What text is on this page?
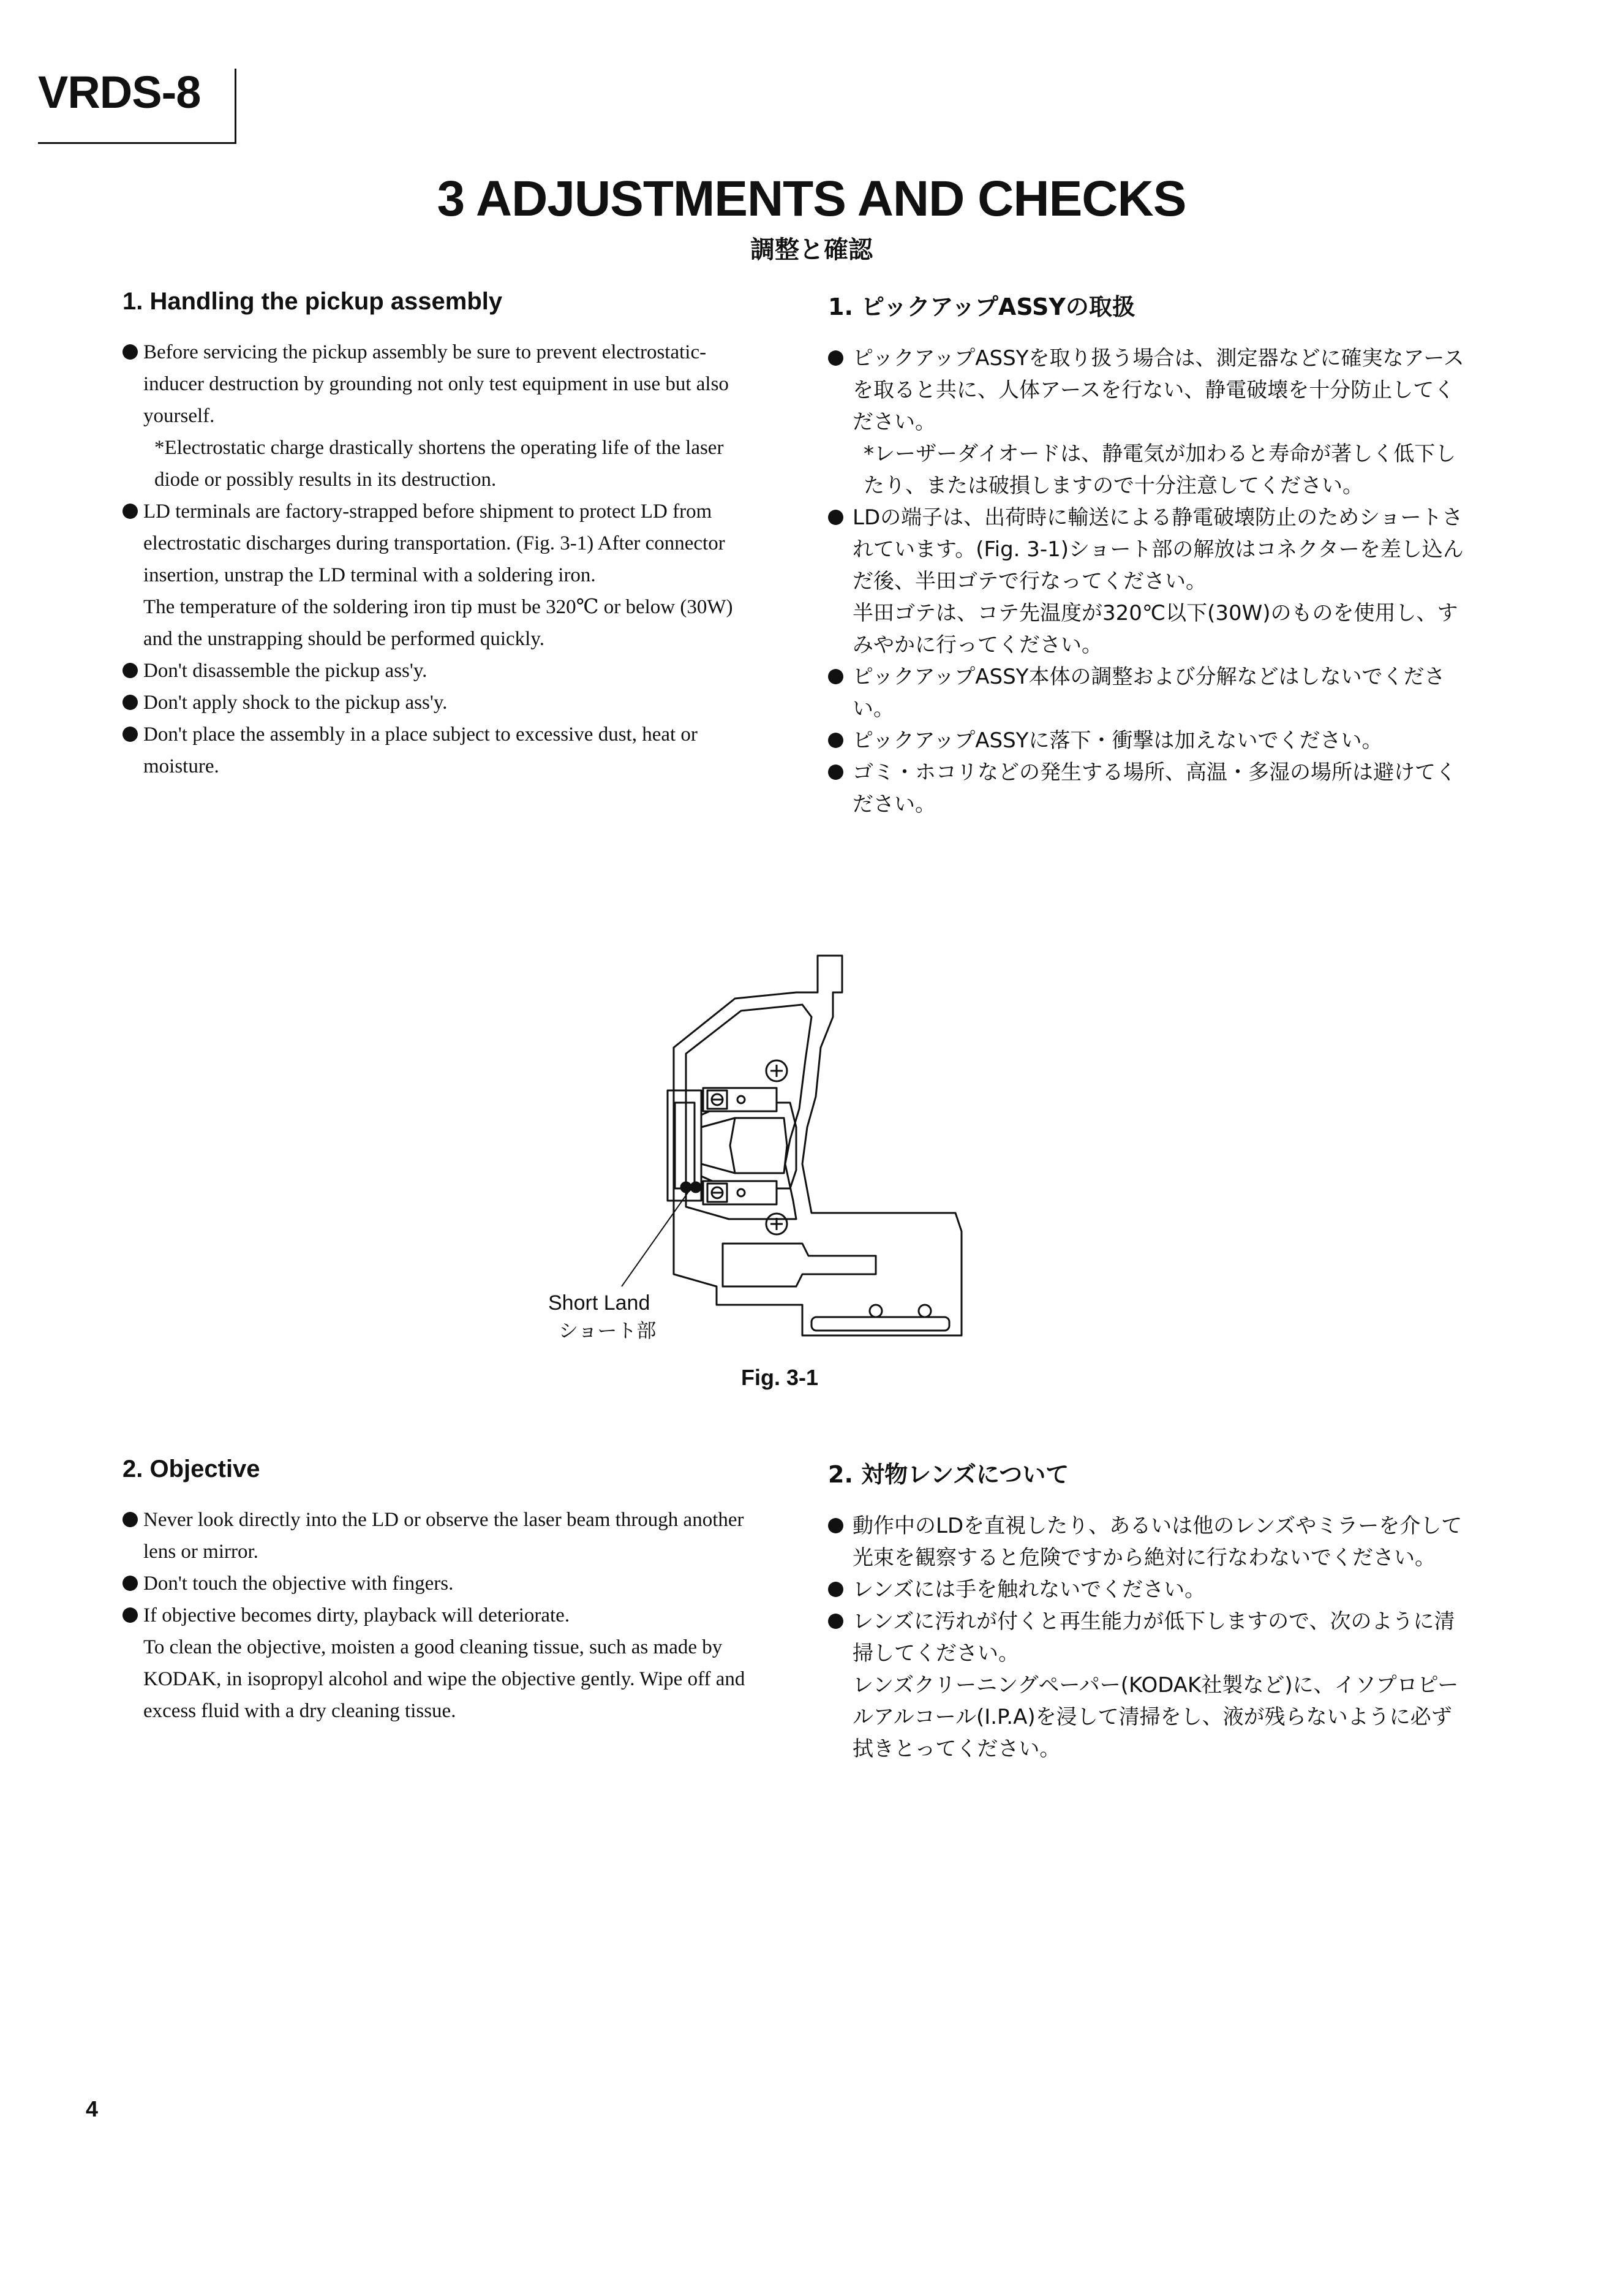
VRDS-8
3 ADJUSTMENTS AND CHECKS
調整と確認
1. Handling the pickup assembly

Before servicing the pickup assembly be sure to prevent electrostatic-inducer destruction by grounding not only test equipment in use but also yourself.

*Electrostatic charge drastically shortens the operating life of the laser diode or possibly results in its destruction.

LD terminals are factory-strapped before shipment to protect LD from electrostatic discharges during transportation. (Fig. 3-1) After connector insertion, unstrap the LD terminal with a soldering iron.

The temperature of the soldering iron tip must be 320℃ or below (30W) and the unstrapping should be performed quickly.

Don't disassemble the pickup ass'y.

Don't apply shock to the pickup ass'y.

Don't place the assembly in a place subject to excessive dust, heat or moisture.

1. ピックアップASSYの取扱

ピックアップASSYを取り扱う場合は、測定器などに確実なアースを取ると共に、人体アースを行ない、静電破壊を十分防止してください。

*レーザーダイオードは、静電気が加わると寿命が著しく低下したり、または破損しますので十分注意してください。

LDの端子は、出荷時に輸送による静電破壊防止のためショートされています。(Fig. 3-1)ショート部の解放はコネクターを差し込んだ後、半田ゴテで行なってください。

半田ゴテは、コテ先温度が320℃以下(30W)のものを使用し、すみやかに行ってください。

ピックアップASSY本体の調整および分解などはしないでください。

ピックアップASSYに落下・衝撃は加えないでください。

ゴミ・ホコリなどの発生する場所、高温・多湿の場所は避けてください。

Short Land
ショート部
Fig. 3-1
2. Objective

Never look directly into the LD or observe the laser beam through another lens or mirror.

Don't touch the objective with fingers.

If objective becomes dirty, playback will deteriorate.

To clean the objective, moisten a good cleaning tissue, such as made by KODAK, in isopropyl alcohol and wipe the objective gently. Wipe off and excess fluid with a dry cleaning tissue.

2. 対物レンズについて

動作中のLDを直視したり、あるいは他のレンズやミラーを介して光束を観察すると危険ですから絶対に行なわないでください。

レンズには手を触れないでください。

レンズに汚れが付くと再生能力が低下しますので、次のように清掃してください。

レンズクリーニングペーパー(KODAK社製など)に、イソプロピールアルコール(I.P.A)を浸して清掃をし、液が残らないように必ず拭きとってください。

4
